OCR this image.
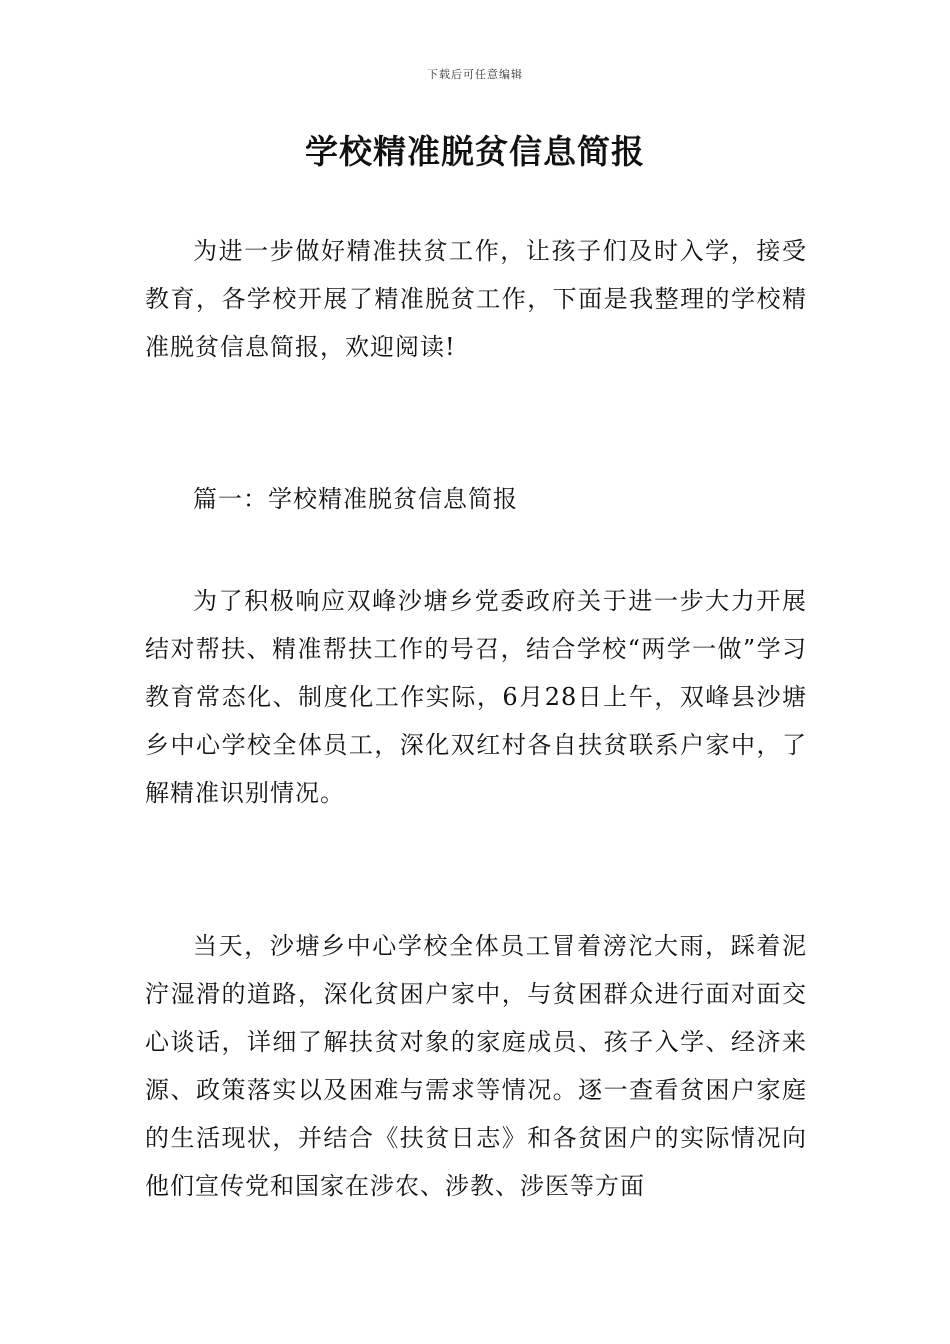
下载后可任意编辑
学校精准脱贫信息简报

为进一步做好精准扶贫工作，让孩子们及时入学，接受教育，各学校开展了精准脱贫工作，下面是我整理的学校精准脱贫信息简报，欢迎阅读!

篇一：学校精准脱贫信息简报

为了积极响应双峰沙塘乡党委政府关于进一步大力开展结对帮扶、精准帮扶工作的号召，结合学校“两学一做”学习教育常态化、制度化工作实际，6月28日上午，双峰县沙塘乡中心学校全体员工，深化双红村各自扶贫联系户家中，了解精准识别情况。

当天，沙塘乡中心学校全体员工冒着滂沱大雨，踩着泥泞湿滑的道路，深化贫困户家中，与贫困群众进行面对面交心谈话，详细了解扶贫对象的家庭成员、孩子入学、经济来源、政策落实以及困难与需求等情况。逐一查看贫困户家庭的生活现状，并结合《扶贫日志》和各贫困户的实际情况向他们宣传党和国家在涉农、涉教、涉医等方面
